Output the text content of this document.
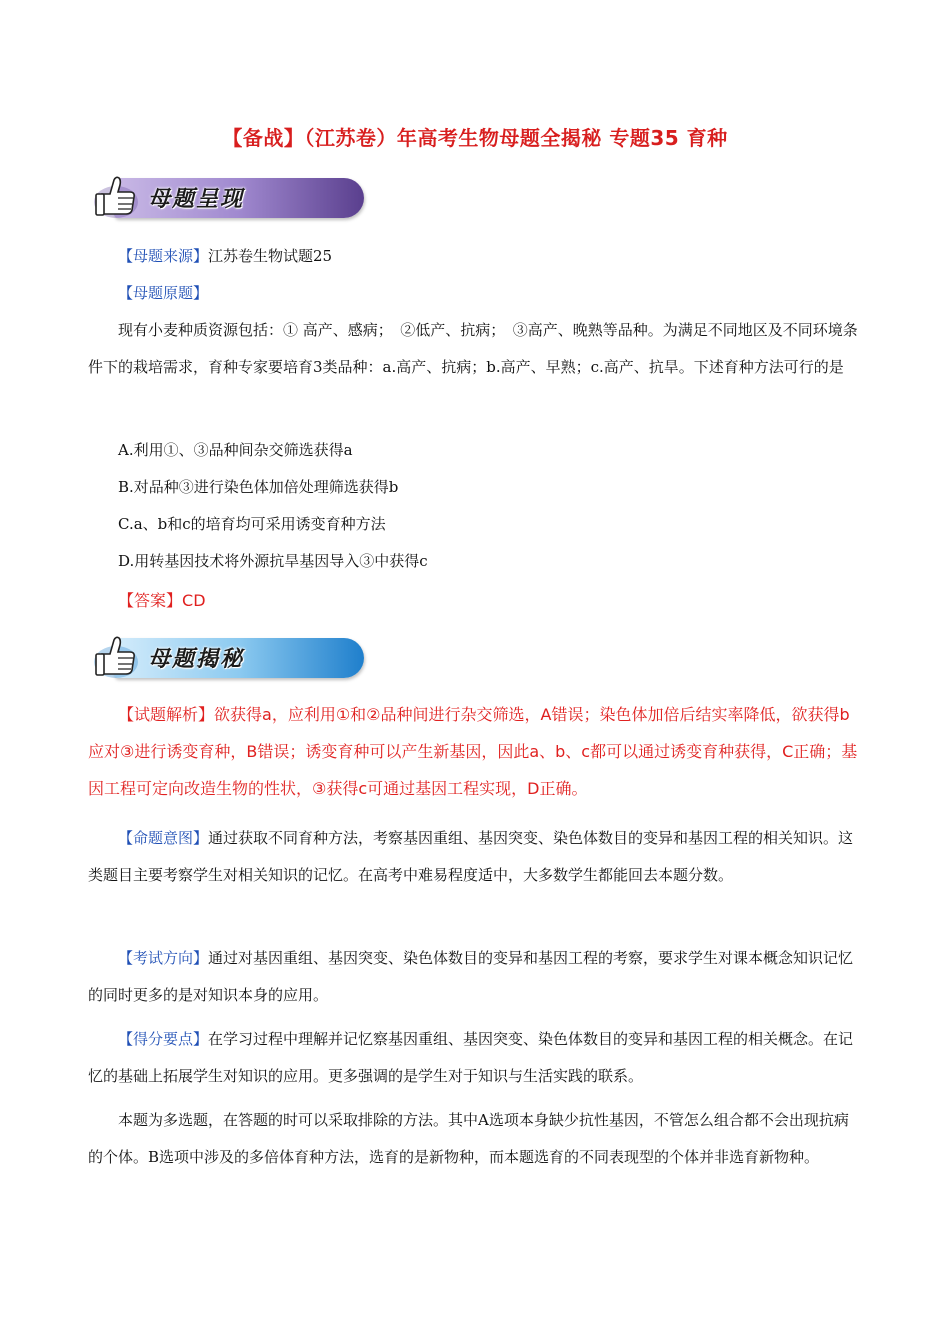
【备战】（江苏卷）年高考生物母题全揭秘 专题35 育种
母题呈现

【母题来源】江苏卷生物试题25

【母题原题】

现有小麦种质资源包括：① 高产、感病；　②低产、抗病；　③高产、晚熟等品种。为满足不同地区及不同环境条件下的栽培需求，育种专家要培育3类品种：a.高产、抗病；b.高产、早熟；c.高产、抗旱。下述育种方法可行的是

A.利用①、③品种间杂交筛选获得a

B.对品种③进行染色体加倍处理筛选获得b

C.a、b和c的培育均可采用诱变育种方法

D.用转基因技术将外源抗旱基因导入③中获得c

【答案】CD

母题揭秘

【试题解析】欲获得a，应利用①和②品种间进行杂交筛选，A错误；染色体加倍后结实率降低，欲获得b应对③进行诱变育种，B错误；诱变育种可以产生新基因，因此a、b、c都可以通过诱变育种获得，C正确；基因工程可定向改造生物的性状，③获得c可通过基因工程实现，D正确。

【命题意图】通过获取不同育种方法，考察基因重组、基因突变、染色体数目的变异和基因工程的相关知识。这类题目主要考察学生对相关知识的记忆。在高考中难易程度适中，大多数学生都能回去本题分数。

【考试方向】通过对基因重组、基因突变、染色体数目的变异和基因工程的考察，要求学生对课本概念知识记忆的同时更多的是对知识本身的应用。

【得分要点】在学习过程中理解并记忆察基因重组、基因突变、染色体数目的变异和基因工程的相关概念。在记忆的基础上拓展学生对知识的应用。更多强调的是学生对于知识与生活实践的联系。

本题为多选题，在答题的时可以采取排除的方法。其中A选项本身缺少抗性基因，不管怎么组合都不会出现抗病的个体。B选项中涉及的多倍体育种方法，选育的是新物种，而本题选育的不同表现型的个体并非选育新物种。
